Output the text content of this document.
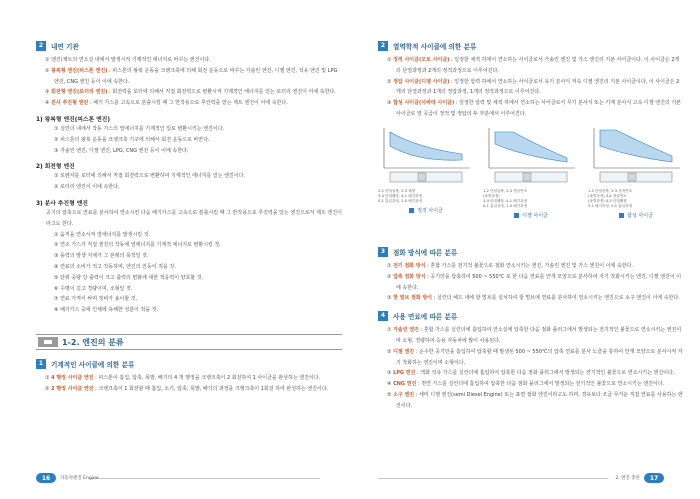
2	내연 기관
① 엔진(제트의 연소실 내에서 발생시켜 기계적인 에너지로 바꾸는 엔진이다.
② 왕복형 엔진(피스톤 엔진) : 피스톤의 왕복 운동을 크랭크축에 의해 회전 운동으로 바꾸는 가솔린 엔진, 디젤 엔진, 석유 엔진 및 LPG 엔진, CNG 엔진 등이 이에 속한다.
③ 회전형 엔진(로터리 엔진) : 회전력을 로터에 의해서 직접 회전력으로 변환시켜 기계적인 에너지를 얻는 로터리 엔진이 이에 속한다.
④ 분사 추진형 엔진 : 배기 가스를 고속으로 분출시킬 때 그 반작용으로 추진력을 얻는 제트 엔진이 이에 속한다.
1) 왕복형 엔진(피스톤 엔진)
① 실린더 내에서 작동 가스의 열에너지를 기계적인 일로 변환시키는 엔진이다.
② 피스톤의 왕복 운동을 크랭크축 기구에 의해서 회전 운동으로 바꾼다.
③ 가솔린 엔진, 디젤 엔진, LPG, CNG 엔진 등이 이에 속한다.
2) 회전형 엔진
① 로렌자를 로터에 의해서 직접 회전력으로 변환하여 기계적인 에너지를 얻는 엔진이다.
② 로터리 엔진이 이에 속한다.
3) 분사 추진형 엔진
공기의 압축으로 연료를 분사하여 연소시킨 다음 배기가스를 고속으로 분출시킬 때 그 반작용으로 추진력을 얻는 엔진으로서 제트 엔진이라고도 한다.
① 움직을 연소시켜 열에너지를 발생시킬 것.
② 연소 가스가 직접 엔진의 작동에 열에너지를 기계적 에너지로 변환시킬 것.
③ 동력의 발생 지체가 그 본래의 목적일 것.
④ 연료의 소비가 적고 작동하며, 엔진의 진동이 적을 것.
⑤ 단위 중량 당 출력이 크고 출력의 변화에 대한 적응력이 양호할 것.
⑥ 수명이 길고 경량이며, 소형일 것.
⑦ 연료 가격이 싸며 정비가 용이할 것.
⑧ 배기가스 중에 인체에 유해한 성분이 적을 것.
1-2. 엔진의 분류
1	기계적인 사이클에 의한 분류
① 4 행정 사이클 엔진 : 피스톤이 흡입, 압축, 폭발, 배기의 4 개 행정을 크랭크축이 2 회전하여 1 사이클을 완성하는 엔진이다.
② 2 행정 사이클 엔진 : 크랭크축이 1 회전할 때 흡입, 소기, 압축, 폭발, 배기의 과정을 크랭크축이 1회전 하여 완성하는 엔진이다.
2	열역학적 사이클에 의한 분류
① 정적 사이클(오토 사이클) : 일정한 체적 하에서 연소하는 사이클로서 가솔린 엔진 및 가스 엔진의 기본 사이클이다. 이 사이클은 2개의 단열과정과 2개의 정적과정으로 이루어진다.
② 정압 사이클(디젤 사이클) : 일정한 압력 하에서 연소하는 사이클로서 유기 분사식 저속 디젤 엔진의 기본 사이클이다. 이 사이클은 2개의 단열과정과 1개의 정압과정, 1개의 정적과정으로 이루어진다.
③ 합성 사이클(사바테 사이클) : 일정한 압력 및 체적 하에서 연소하는 사이클로서 무기 분사식 또는 기계 분사식 고속 디젤 엔진의 기본 사이클로 열 공급이 정적 및 정압의 두 부분에서 이루어진다.
1-2 단열압축, 2-3 폭발
3-4 단열팽창, 4-1 배기과정
0-1 흡입과정, 1-0 배기과정
정적 사이클
1-2 단열압축, 2-3 정압연소
(폭발과정)
3-4 단열팽창, 4-1 배기과정
0-1 흡입과정, 1-0 배기과정
디젤 사이클
1-2 단열압축, 2-3 정적연소
(폭발과정) 3-4 정압연소
(폭발과정) 4-5 단열팽창
5-1 배기과정, 0-1 흡입과정
합성 사이클
3	점화 방식에 따른 분류
① 전기 점화 방식 : 혼합 가스를 전기적 불꽃으로 점화 연소시키는 엔진, 가솔린 엔진 및 가스 엔진이 이에 속한다.
② 압축 점화 방식 : 공기만을 압축하여 500 ~ 550℃ 로 한 다음 연료를 안개 모양으로 분사하여 자기 착화시키는 엔진, 디젤 엔진이 이에 속한다.
③ 핫 벌브 점화 방식 : 실린더 헤드 내에 핫 벌브를 설치하여 핫 벌브에 연료를 분사하여 연소시키는 엔진으로 소구 엔진이 이에 속한다.
4	사용 연료에 따른 분류
① 가솔린 엔진 : 혼합 가스를 실린더에 흡입하여 연소실에 압축한 다음 점화 플러그에서 발생되는 전기적인 불꽃으로 연소시키는 엔진이며 소형, 경량하여 승용 자동차에 많이 사용된다.
② 디젤 엔진 : 순수한 공기만을 흡입하여 압축할 때 발생된 500 ~ 550℃의 압축 연료를 분사 노즐을 통하여 안개 모양으로 분사시켜 자기 착화하는 엔진이며 소형이다.
③ LPG 엔진 : 액화 석유 가스를 실린더에 흡입하여 압축한 다음 점화 플러그에서 발생되는 전기적인 불꽃으로 연소시키는 엔진이다.
④ CNG 엔진 : 천연 가스를 실린더에 흡입하여 압축한 다음 점화 플러그에서 발생되는 전기적인 불꽃으로 연소시키는 엔진이다.
⑤ 소구 엔진 : 세미 디젤 엔진(semi Diesel Engine) 또는 표면 점화 엔진이라고도 하며, 경유보다 조금 무거운 직접 연료를 사용하는 엔진이다.
16	자동차엔진 Engine	2. 엔진 총론	17
